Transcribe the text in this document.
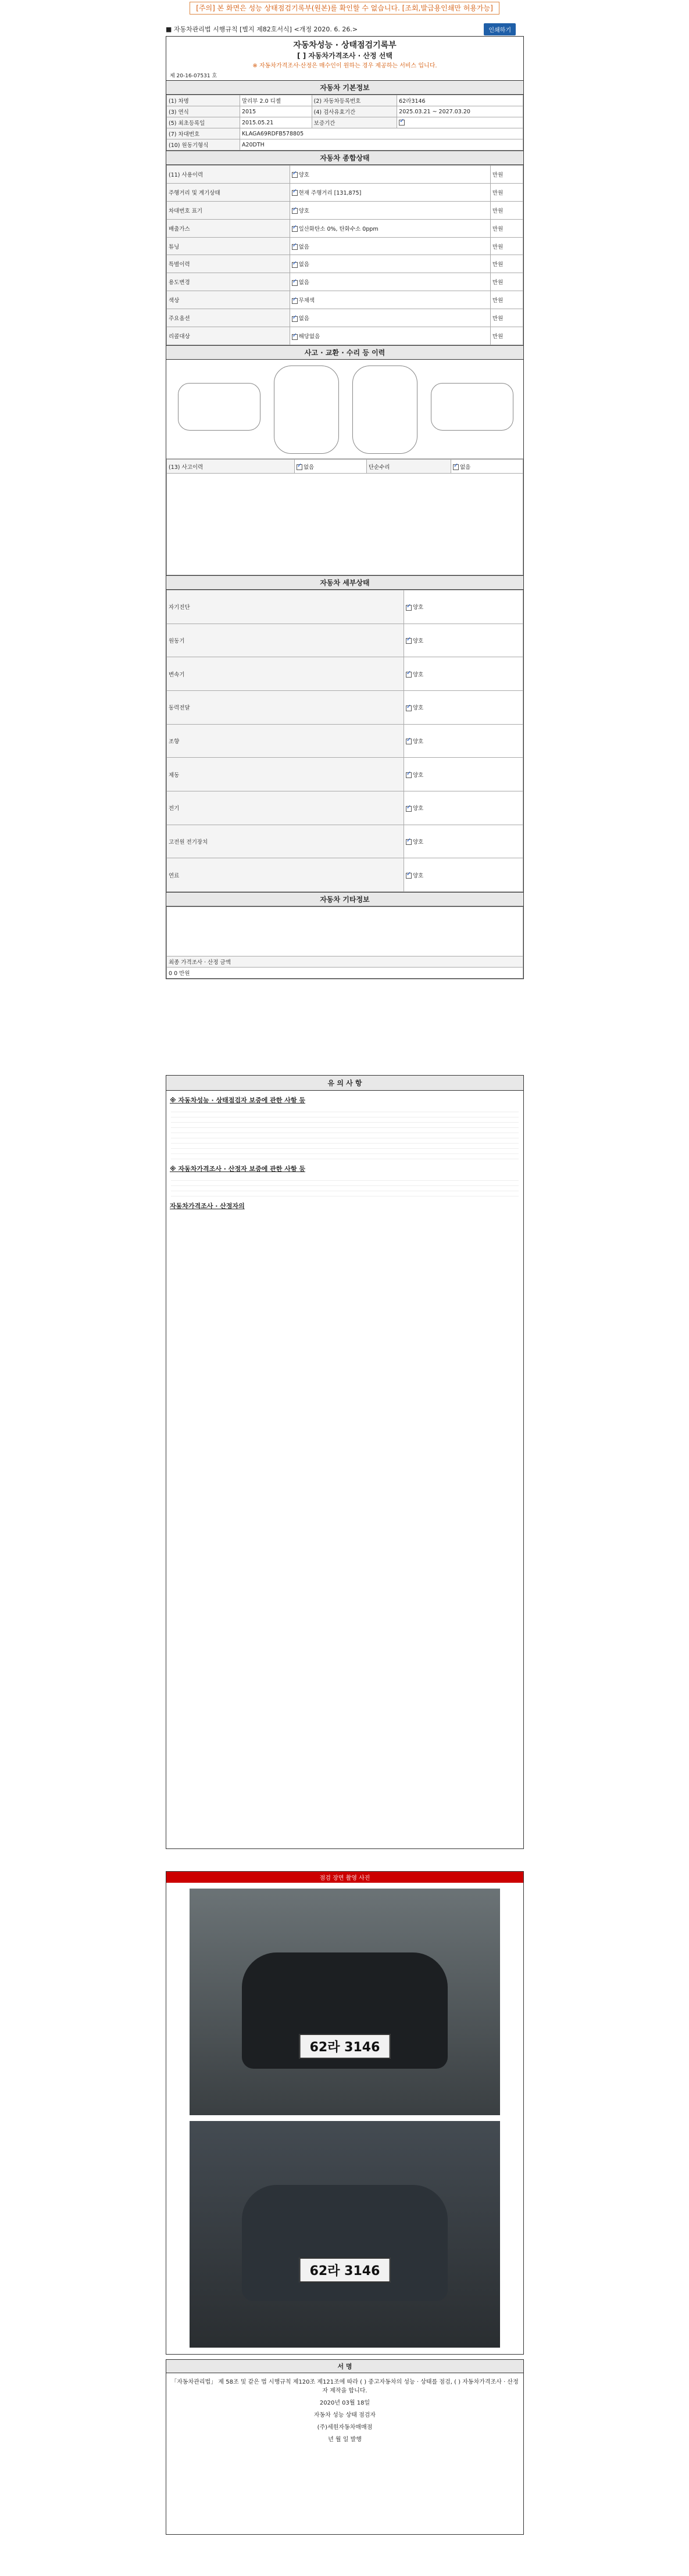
[주의] 본 화면은 성능 상태점검기록부(원본)를 확인할 수 없습니다. [조회,발급용인쇄만 허용가능]
■ 자동차관리법 시행규칙 [별지 제82호서식] <개정 2020. 6. 26.>	인쇄하기
자동차성능 · 상태점검기록부
[ ] 자동차가격조사 · 산정 선택
※ 자동차가격조사·산정은 매수인이 원하는 경우 제공하는 서비스 입니다.
제 20-16-07531 호
자동차 기본정보
(1) 차명	말리부 2.0 디젤	(2) 자동차등록번호	62라3146
(3) 연식	2015	(4) 검사유효기간	2025.03.21 ~ 2027.03.20
(5) 최초등록일	2015.05.21	보증기간	✓
(7) 차대번호	KLAGA69RDFB578805		
(10) 원동기형식	A20DTH		
자동차 종합상태
(11) 사용이력	✓양호	만원
주행거리 및 계기상태	✓현재 주행거리 [131,875]	만원
차대번호 표기	✓양호	만원
배출가스	✓일산화탄소 0%, 탄화수소 0ppm	만원
튜닝	✓없음	만원
특별이력	✓없음	만원
용도변경	✓없음	만원
색상	✓무채색	만원
주요옵션	✓없음	만원
리콜대상	✓해당없음	만원
사고 · 교환 · 수리 등 이력
(13) 사고이력	✓없음	단순수리	✓없음

자동차 세부상태
자기진단	✓양호
원동기	✓양호
변속기	✓양호
동력전달	✓양호
조향	✓양호
제동	✓양호
전기	✓양호
고전원 전기장치	✓양호
연료	✓양호
자동차 기타정보

최종 가격조사 · 산정 금액
0 0 만원
유 의 사 항
※ 자동차성능 · 상태점검자 보증에 관한 사항 등
※ 자동차가격조사 · 산정자 보증에 관한 사항 등
자동차가격조사 · 산정자의
점검 장면 촬영 사진
62라 3146
62라 3146
서 명

「자동차관리법」 제 58조 및 같은 법 시행규칙 제120조 제121조에 따라 ( ) 중고자동차의 성능 · 상태를 점검, ( ) 자동차가격조사 · 산정자 제작을 합니다.

2020년 03월 18일

자동차 성능 상태 점검자

(주)세원자동차매매점

년 월 일 발행
